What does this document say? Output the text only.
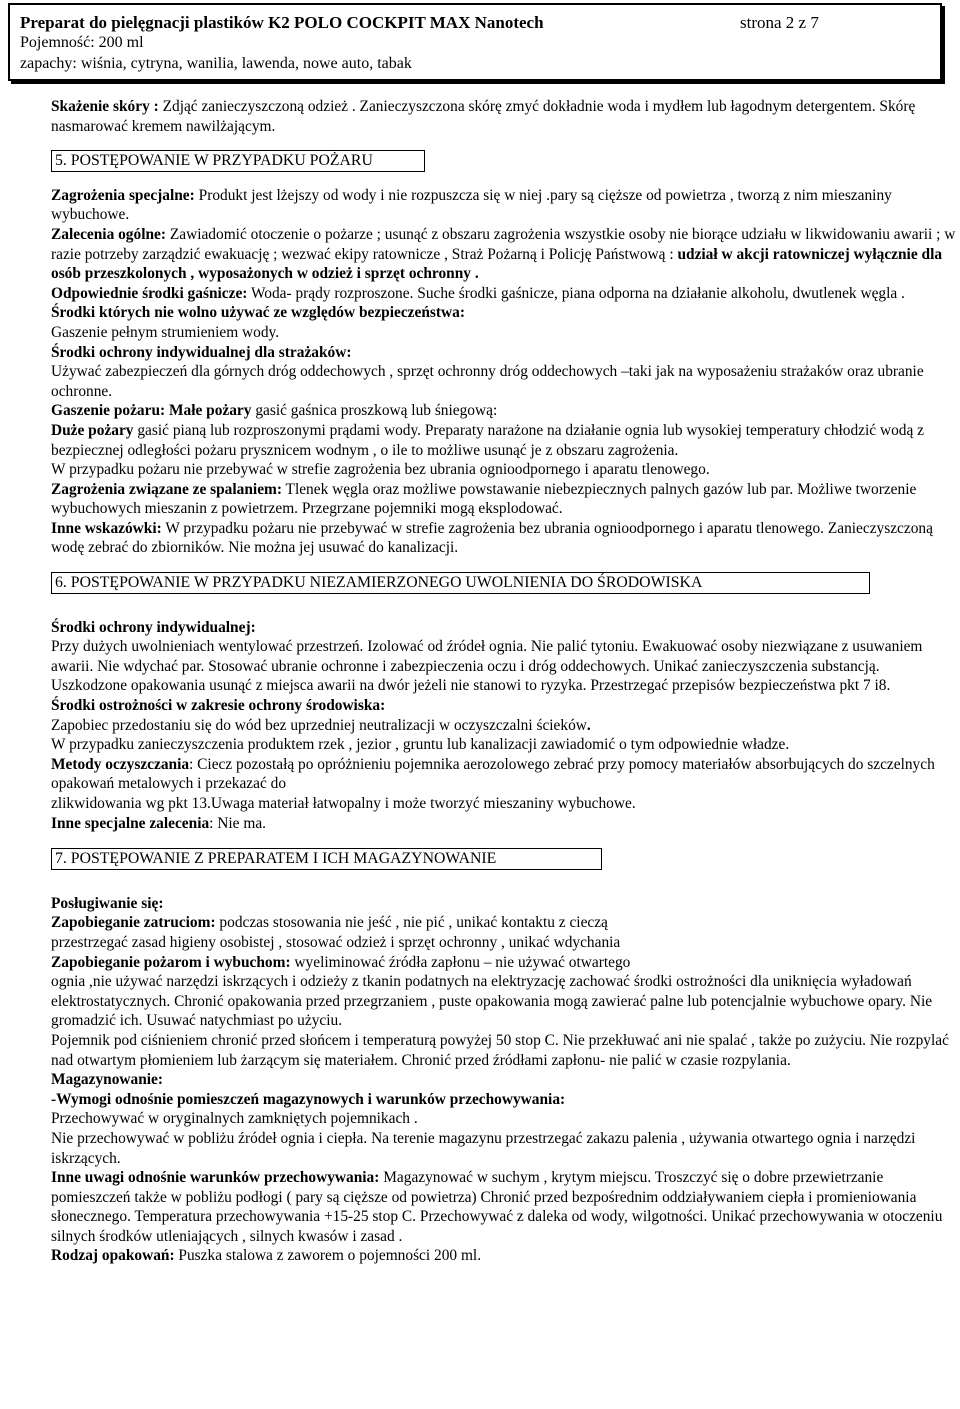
Preparat do pielęgnacji plastików K2 POLO COCKPIT MAX Nanotech	strona 2 z 7
Pojemność: 200 ml
zapachy: wiśnia, cytryna, wanilia, lawenda, nowe auto, tabak

Skażenie skóry : Zdjąć zanieczyszczoną odzież . Zanieczyszczona skórę zmyć dokładnie woda i mydłem lub łagodnym detergentem. Skórę nasmarować kremem nawilżającym.

5. POSTĘPOWANIE W PRZYPADKU POŻARU

Zagrożenia specjalne: Produkt jest lżejszy od wody i nie rozpuszcza się w niej .pary są cięższe od powietrza , tworzą z nim mieszaniny wybuchowe.

Zalecenia ogólne: Zawiadomić otoczenie o pożarze ; usunąć z obszaru zagrożenia wszystkie osoby nie biorące udziału w likwidowaniu awarii ; w razie potrzeby zarządzić ewakuację ; wezwać ekipy ratownicze , Straż Pożarną i Policję Państwową : udział w akcji ratowniczej wyłącznie dla osób przeszkolonych , wyposażonych w odzież i sprzęt ochronny .

Odpowiednie środki gaśnicze: Woda- prądy rozproszone. Suche środki gaśnicze, piana odporna na działanie alkoholu, dwutlenek węgla .

Środki których nie wolno używać ze względów bezpieczeństwa:

Gaszenie pełnym strumieniem wody.

Środki ochrony indywidualnej dla strażaków:

Używać zabezpieczeń dla górnych dróg oddechowych , sprzęt ochronny dróg oddechowych –taki jak na wyposażeniu strażaków oraz ubranie ochronne.

Gaszenie pożaru: Małe pożary gasić gaśnica proszkową lub śniegową:

Duże pożary gasić pianą lub rozproszonymi prądami wody. Preparaty narażone na działanie ognia lub wysokiej temperatury chłodzić wodą z bezpiecznej odległości pożaru prysznicem wodnym , o ile to możliwe usunąć je z obszaru zagrożenia.

W przypadku pożaru nie przebywać w strefie zagrożenia bez ubrania ognioodpornego i aparatu tlenowego.

Zagrożenia związane ze spalaniem: Tlenek węgla oraz możliwe powstawanie niebezpiecznych palnych gazów lub par. Możliwe tworzenie wybuchowych mieszanin z powietrzem. Przegrzane pojemniki mogą eksplodować.

Inne wskazówki: W przypadku pożaru nie przebywać w strefie zagrożenia bez ubrania ognioodpornego i aparatu tlenowego. Zanieczyszczoną wodę zebrać do zbiorników. Nie można jej usuwać do kanalizacji.

6. POSTĘPOWANIE W PRZYPADKU NIEZAMIERZONEGO UWOLNIENIA DO ŚRODOWISKA

Środki ochrony indywidualnej:

Przy dużych uwolnieniach wentylować przestrzeń. Izolować od źródeł ognia. Nie palić tytoniu. Ewakuować osoby niezwiązane z usuwaniem awarii. Nie wdychać par. Stosować ubranie ochronne i zabezpieczenia oczu i dróg oddechowych. Unikać zanieczyszczenia substancją. Uszkodzone opakowania usunąć z miejsca awarii na dwór jeżeli nie stanowi to ryzyka. Przestrzegać przepisów bezpieczeństwa pkt 7 i8.

Środki ostrożności w zakresie ochrony środowiska:

Zapobiec przedostaniu się do wód bez uprzedniej neutralizacji w oczyszczalni ścieków.

W przypadku zanieczyszczenia produktem rzek , jezior , gruntu lub kanalizacji zawiadomić o tym odpowiednie władze.

Metody oczyszczania: Ciecz pozostałą po opróżnieniu pojemnika aerozolowego zebrać przy pomocy materiałów absorbujących do szczelnych opakowań metalowych i przekazać do

zlikwidowania wg pkt 13.Uwaga materiał łatwopalny i może tworzyć mieszaniny wybuchowe.

Inne specjalne zalecenia: Nie ma.

7. POSTĘPOWANIE Z PREPARATEM I ICH MAGAZYNOWANIE

Posługiwanie się:

Zapobieganie zatruciom: podczas stosowania nie jeść , nie pić , unikać kontaktu z cieczą

przestrzegać zasad higieny osobistej , stosować odzież i sprzęt ochronny , unikać wdychania

Zapobieganie pożarom i wybuchom: wyeliminować źródła zapłonu – nie używać otwartego

ognia ,nie używać narzędzi iskrzących i odzieży z tkanin podatnych na elektryzację zachować środki ostrożności dla uniknięcia wyładowań elektrostatycznych. Chronić opakowania przed przegrzaniem , puste opakowania mogą zawierać palne lub potencjalnie wybuchowe opary. Nie gromadzić ich. Usuwać natychmiast po użyciu.

Pojemnik pod ciśnieniem chronić przed słońcem i temperaturą powyżej 50 stop C. Nie przekłuwać ani nie spalać , także po zużyciu. Nie rozpylać nad otwartym płomieniem lub żarzącym się materiałem. Chronić przed źródłami zapłonu- nie palić w czasie rozpylania.

Magazynowanie:

-Wymogi odnośnie pomieszczeń magazynowych i warunków przechowywania:

Przechowywać w oryginalnych zamkniętych pojemnikach .

Nie przechowywać w pobliżu źródeł ognia i ciepła. Na terenie magazynu przestrzegać zakazu palenia , używania otwartego ognia i narzędzi iskrzących.

Inne uwagi odnośnie warunków przechowywania: Magazynować w suchym , krytym miejscu. Troszczyć się o dobre przewietrzanie pomieszczeń także w pobliżu podłogi ( pary są cięższe od powietrza) Chronić przed bezpośrednim oddziaływaniem ciepła i promieniowania słonecznego. Temperatura przechowywania +15-25 stop C. Przechowywać z daleka od wody, wilgotności. Unikać przechowywania w otoczeniu silnych środków utleniających , silnych kwasów i zasad .

Rodzaj opakowań: Puszka stalowa z zaworem o pojemności 200 ml.
